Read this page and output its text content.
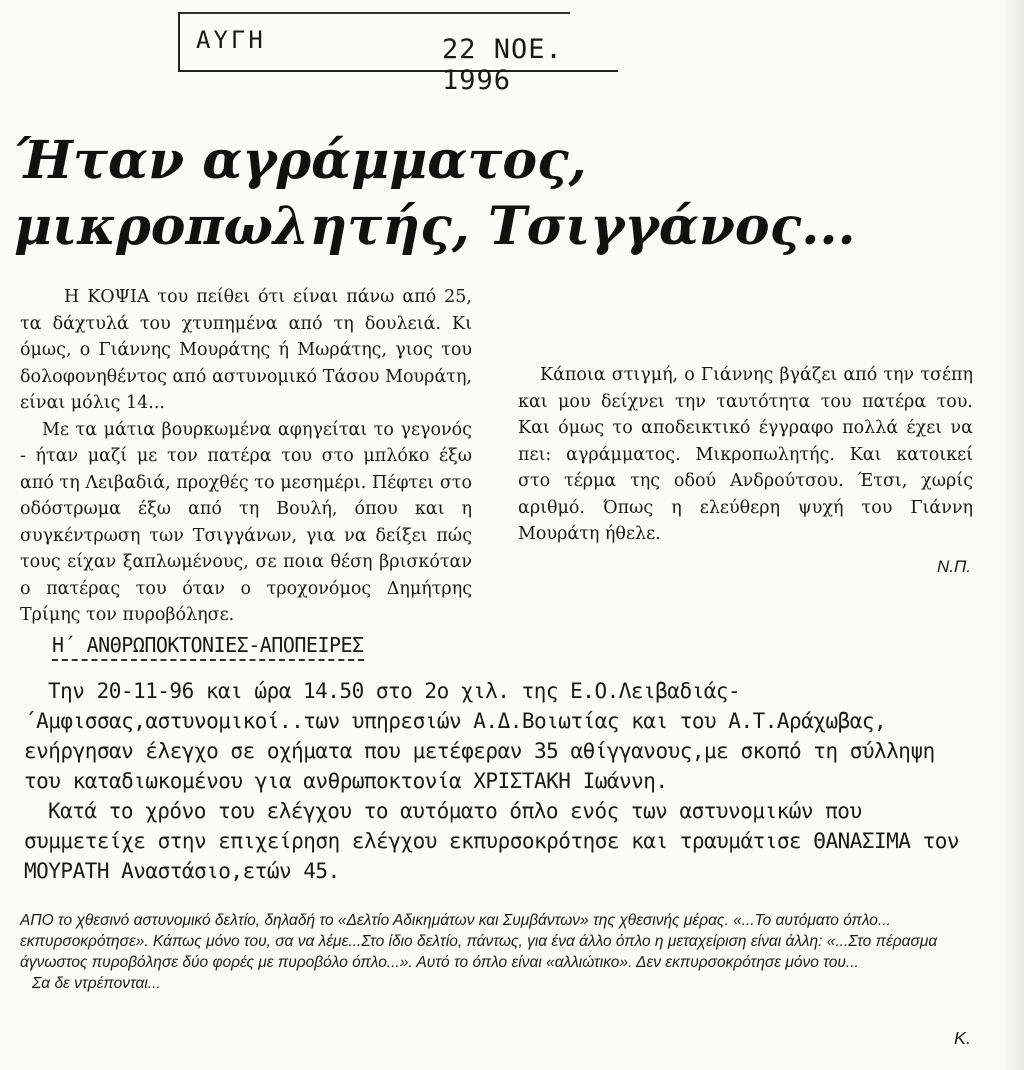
ΑΥΓΗ	22 ΝΟΕ. 1996
Ήταν αγράμματος,
μικροπωλητής, Τσιγγάνος...

Η ΚΟΨΙΑ του πείθει ότι είναι πάνω από 25, τα δάχτυλά του χτυπημένα από τη δουλειά. Κι όμως, ο Γιάννης Μουράτης ή Μωράτης, γιος του δολοφονηθέντος από αστυνομικό Τάσου Μουράτη, είναι μόλις 14...

Με τα μάτια βουρκωμένα αφηγείται το γεγονός - ήταν μαζί με τον πατέρα του στο μπλόκο έξω από τη Λειβαδιά, προχθές το μεσημέρι. Πέφτει στο οδόστρωμα έξω από τη Βουλή, όπου και η συγκέντρωση των Τσιγγάνων, για να δείξει πώς τους είχαν ξαπλωμένους, σε ποια θέση βρισκόταν ο πατέρας του όταν ο τροχονόμος Δημήτρης Τρίμης τον πυροβόλησε.

Κάποια στιγμή, ο Γιάννης βγάζει από την τσέπη και μου δείχνει την ταυτότητα του πατέρα του. Και όμως το αποδεικτικό έγγραφο πολλά έχει να πει: αγράμματος. Μικροπωλητής. Και κατοικεί στο τέρμα της οδού Ανδρούτσου. Έτσι, χωρίς αριθμό. Όπως η ελεύθερη ψυχή του Γιάννη Μουράτη ήθελε.

Ν.Π.
Η΄ ΑΝΘΡΩΠΟΚΤΟΝΙΕΣ-ΑΠΟΠΕΙΡΕΣ

Την 20-11-96 και ώρα 14.50 στο 2ο χιλ. της Ε.Ο.Λειβαδιάς-΄Αμφισσας,αστυνομικοί..των υπηρεσιών Α.Δ.Βοιωτίας και του Α.Τ.Αράχωβας, ενήργησαν έλεγχο σε οχήματα που μετέφεραν 35 αθίγγανους,με σκοπό τη σύλληψη του καταδιωκομένου για ανθρωποκτονία ΧΡΙΣΤΑΚΗ Ιωάννη.

Κατά το χρόνο του ελέγχου το αυτόματο όπλο ενός των αστυνομικών που συμμετείχε στην επιχείρηση ελέγχου εκπυρσοκρότησε και τραυμάτισε ΘΑΝΑΣΙΜΑ τον ΜΟΥΡΑΤΗ Αναστάσιο,ετών 45.

ΑΠΟ το χθεσινό αστυνομικό δελτίο, δηλαδή το «Δελτίο Αδικημάτων και Συμβάντων» της χθεσινής μέρας. «...Το αυτόματο όπλο... εκπυρσοκρότησε». Κάπως μόνο του, σα να λέμε...Στο ίδιο δελτίο, πάντως, για ένα άλλο όπλο η μεταχείριση είναι άλλη: «...Στο πέρασμα άγνωστος πυροβόλησε δύο φορές με πυροβόλο όπλο...». Αυτό το όπλο είναι «αλλιώτικο». Δεν εκπυρσοκρότησε μόνο του...

Σα δε ντρέπονται...

Κ.
